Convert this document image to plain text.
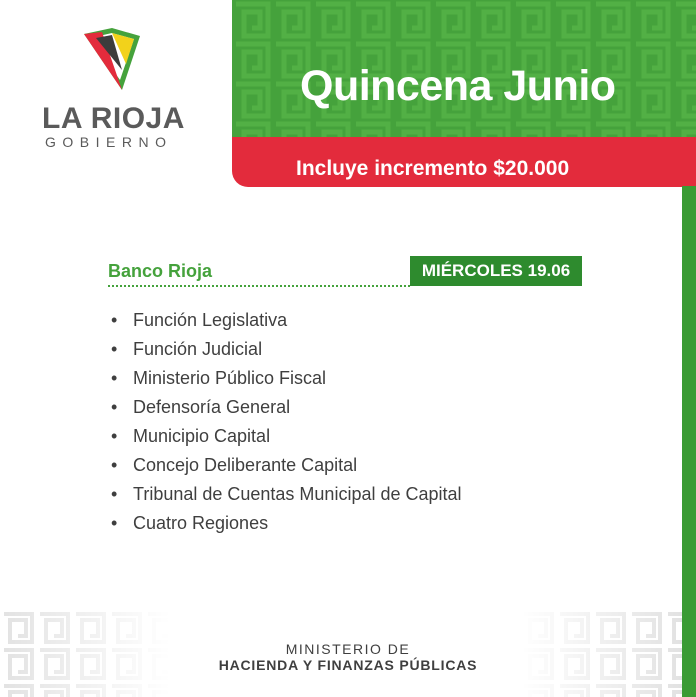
Quincena Junio
Incluye incremento $20.000
LA RIOJA
GOBIERNO
Banco Rioja	MIÉRCOLES 19.06
• Función Legislativa
• Función Judicial
• Ministerio Público Fiscal
• Defensoría General
• Municipio Capital
• Concejo Deliberante Capital
• Tribunal de Cuentas Municipal de Capital
• Cuatro Regiones
MINISTERIO DE
HACIENDA Y FINANZAS PÚBLICAS
